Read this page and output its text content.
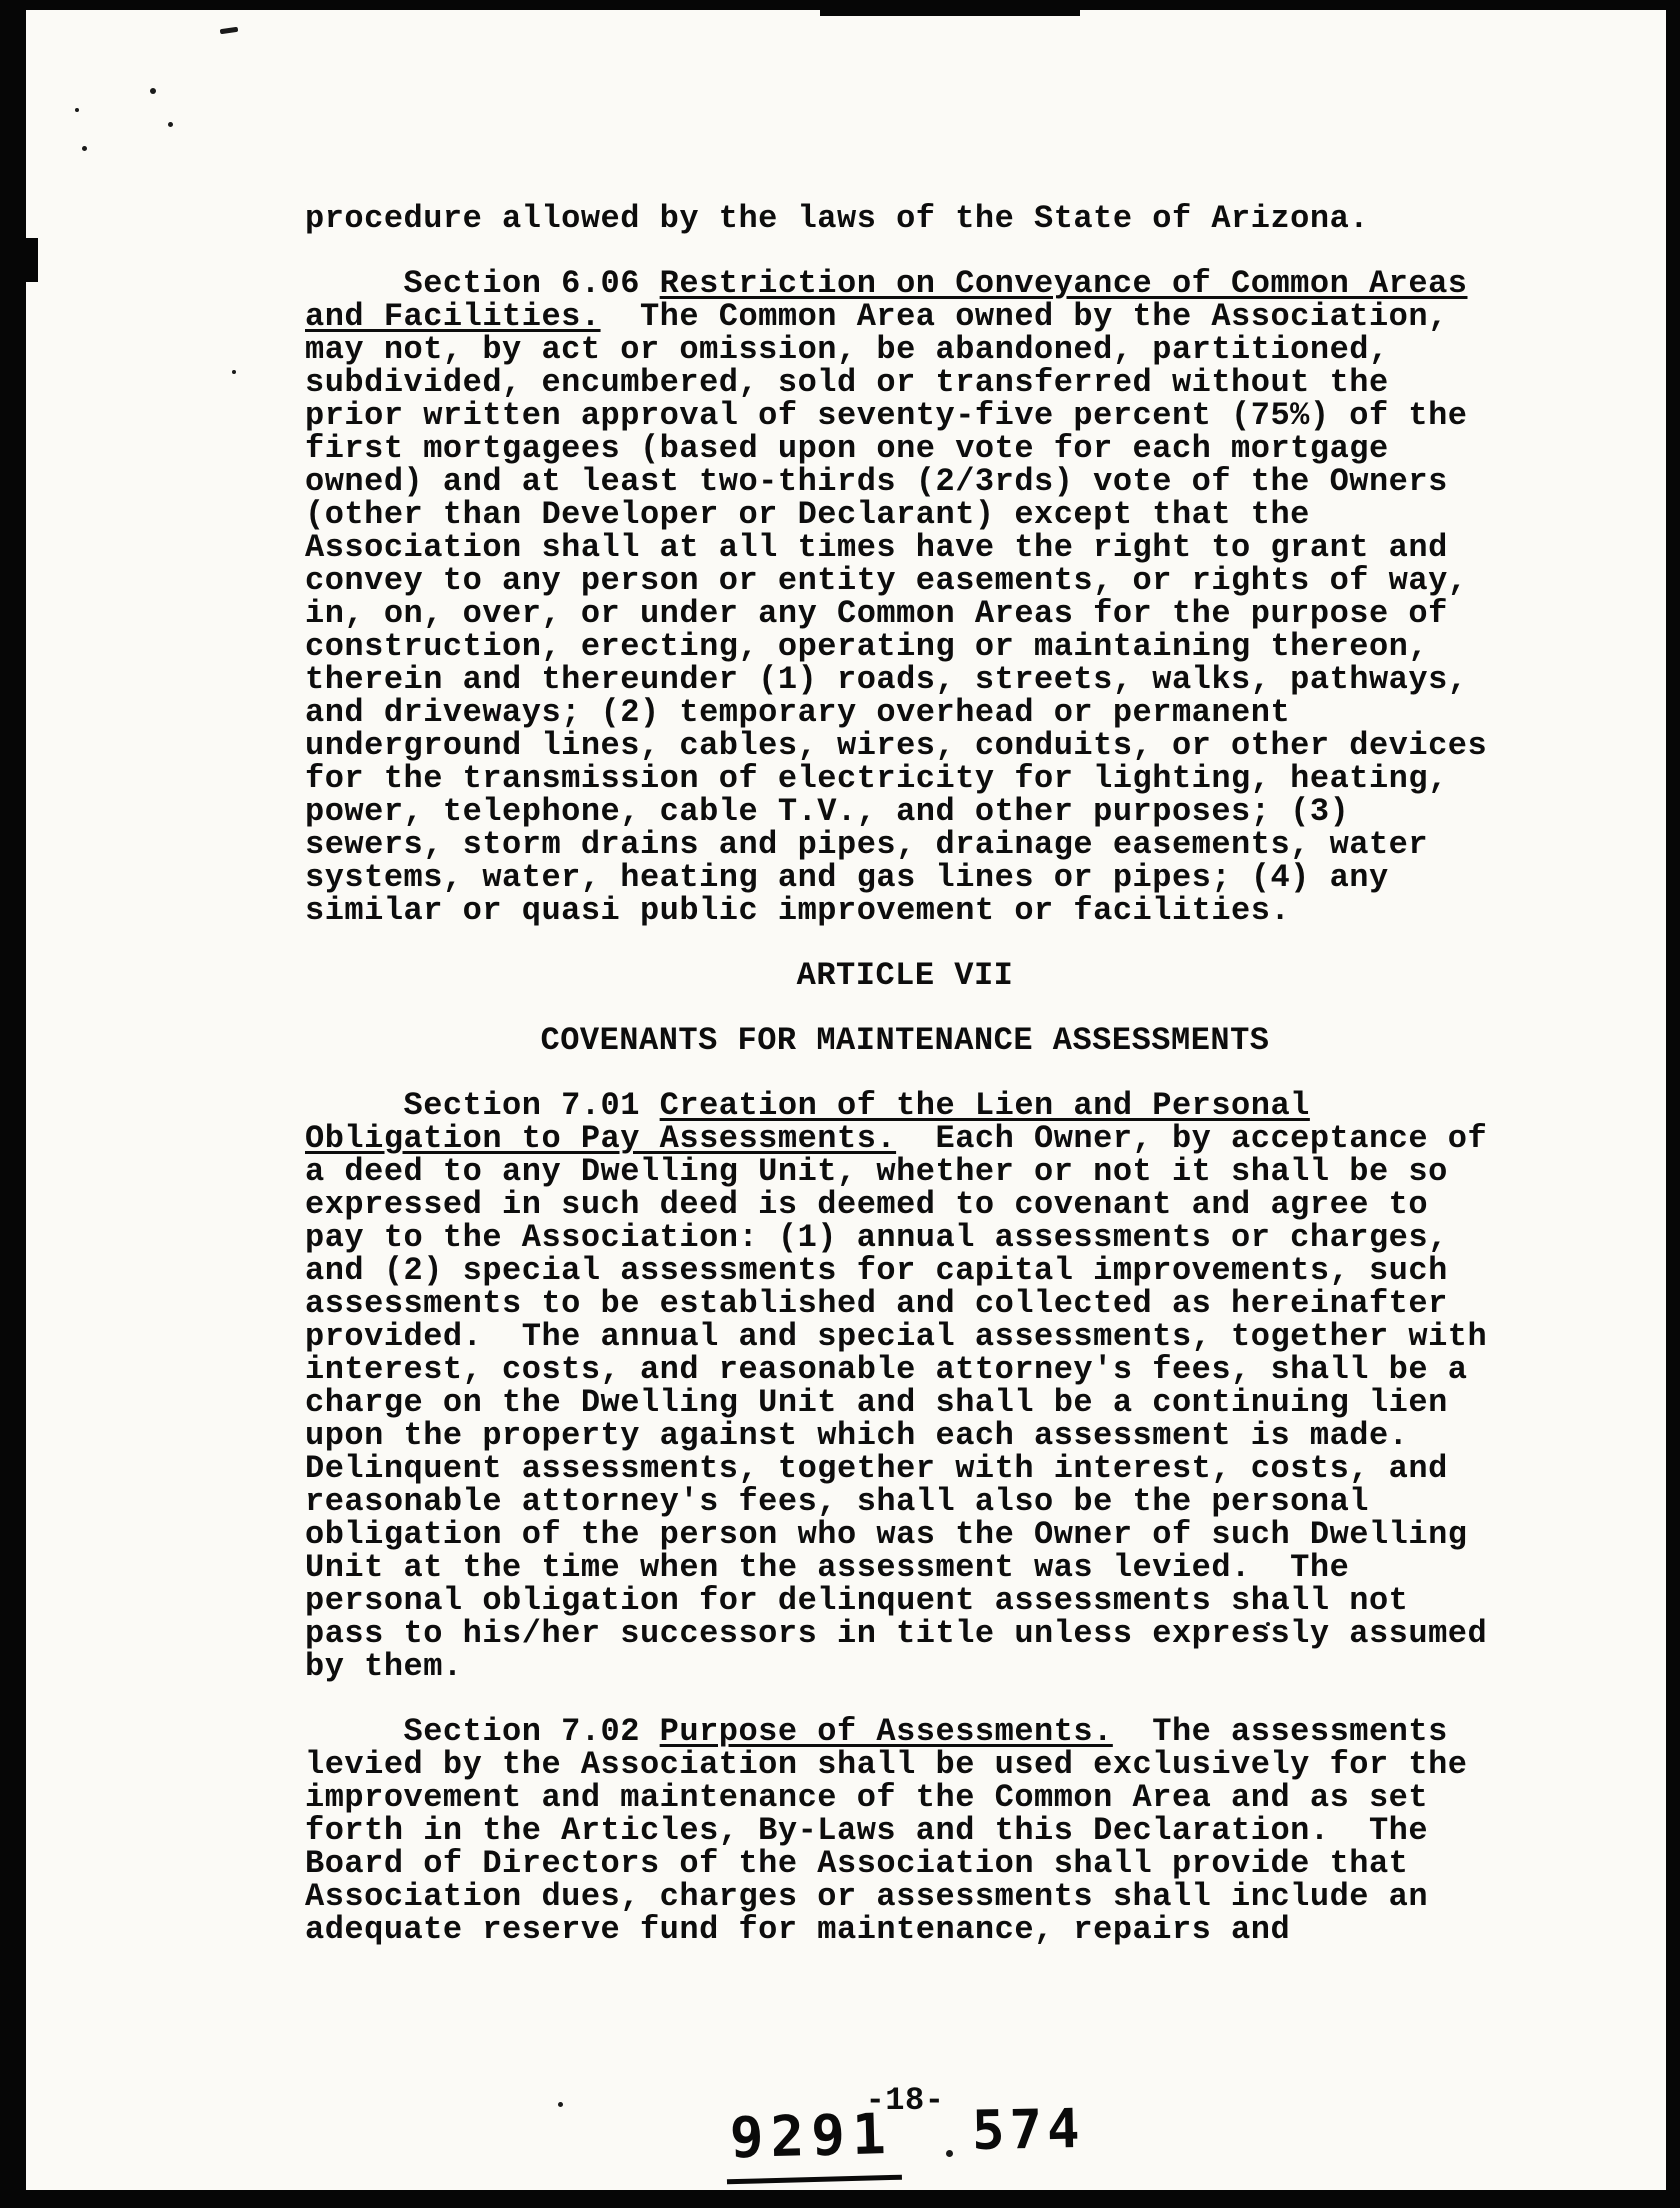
procedure allowed by the laws of the State of Arizona.
Section 6.06 Restriction on Conveyance of Common Areas
and Facilities.  The Common Area owned by the Association,
may not, by act or omission, be abandoned, partitioned,
subdivided, encumbered, sold or transferred without the
prior written approval of seventy-five percent (75%) of the
first mortgagees (based upon one vote for each mortgage
owned) and at least two-thirds (2/3rds) vote of the Owners
(other than Developer or Declarant) except that the
Association shall at all times have the right to grant and
convey to any person or entity easements, or rights of way,
in, on, over, or under any Common Areas for the purpose of
construction, erecting, operating or maintaining thereon,
therein and thereunder (1) roads, streets, walks, pathways,
and driveways; (2) temporary overhead or permanent
underground lines, cables, wires, conduits, or other devices
for the transmission of electricity for lighting, heating,
power, telephone, cable T.V., and other purposes; (3)
sewers, storm drains and pipes, drainage easements, water
systems, water, heating and gas lines or pipes; (4) any
similar or quasi public improvement or facilities.
ARTICLE VII
COVENANTS FOR MAINTENANCE ASSESSMENTS
Section 7.01 Creation of the Lien and Personal
Obligation to Pay Assessments.  Each Owner, by acceptance of
a deed to any Dwelling Unit, whether or not it shall be so
expressed in such deed is deemed to covenant and agree to
pay to the Association: (1) annual assessments or charges,
and (2) special assessments for capital improvements, such
assessments to be established and collected as hereinafter
provided.  The annual and special assessments, together with
interest, costs, and reasonable attorney's fees, shall be a
charge on the Dwelling Unit and shall be a continuing lien
upon the property against which each assessment is made.
Delinquent assessments, together with interest, costs, and
reasonable attorney's fees, shall also be the personal
obligation of the person who was the Owner of such Dwelling
Unit at the time when the assessment was levied.  The
personal obligation for delinquent assessments shall not
pass to his/her successors in title unless expressly assumed
by them.
Section 7.02 Purpose of Assessments.  The assessments
levied by the Association shall be used exclusively for the
improvement and maintenance of the Common Area and as set
forth in the Articles, By-Laws and this Declaration.  The
Board of Directors of the Association shall provide that
Association dues, charges or assessments shall include an
adequate reserve fund for maintenance, repairs and

-18-

9291 574
